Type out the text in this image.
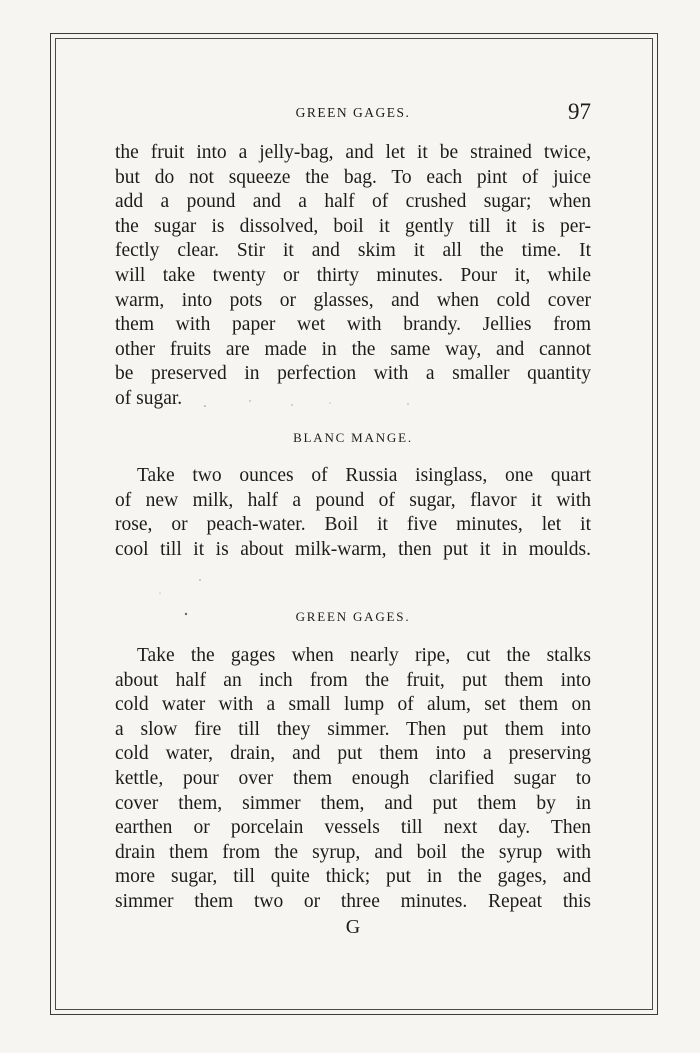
GREEN GAGES.	97
the fruit into a jelly-bag, and let it be strained twice,
but do not squeeze the bag. To each pint of juice
add a pound and a half of crushed sugar; when
the sugar is dissolved, boil it gently till it is per-
fectly clear. Stir it and skim it all the time. It
will take twenty or thirty minutes. Pour it, while
warm, into pots or glasses, and when cold cover
them with paper wet with brandy. Jellies from
other fruits are made in the same way, and cannot
be preserved in perfection with a smaller quantity
of sugar.
BLANC MANGE.
Take two ounces of Russia isinglass, one quart
of new milk, half a pound of sugar, flavor it with
rose, or peach-water. Boil it five minutes, let it
cool till it is about milk-warm, then put it in moulds.
GREEN GAGES.
Take the gages when nearly ripe, cut the stalks
about half an inch from the fruit, put them into
cold water with a small lump of alum, set them on
a slow fire till they simmer. Then put them into
cold water, drain, and put them into a preserving
kettle, pour over them enough clarified sugar to
cover them, simmer them, and put them by in
earthen or porcelain vessels till next day. Then
drain them from the syrup, and boil the syrup with
more sugar, till quite thick; put in the gages, and
simmer them two or three minutes. Repeat this
G
